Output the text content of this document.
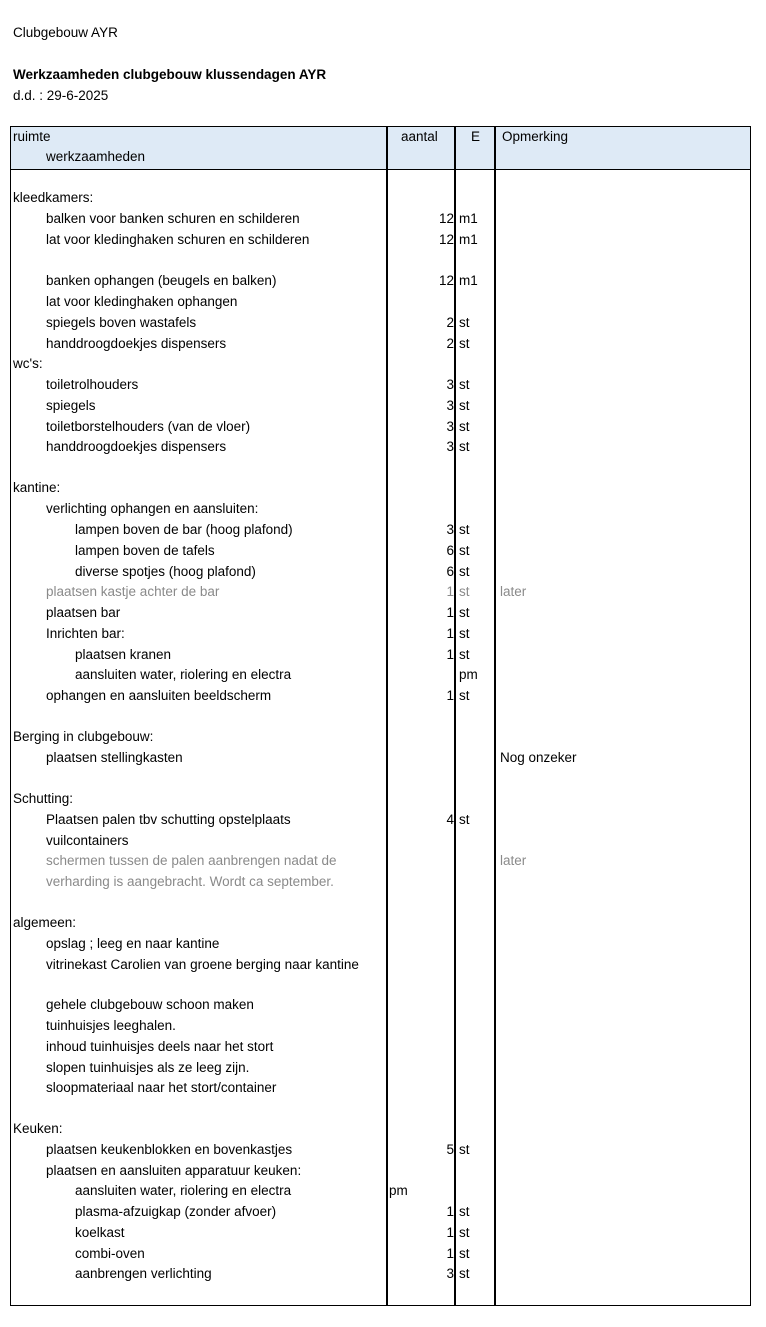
Clubgebouw AYR
Werkzaamheden clubgebouw klussendagen AYR
d.d. : 29-6-2025
ruimte
werkzaamheden
aantal E Opmerking
kleedkamers:
balken voor banken schuren en schilderen	12 m1
lat voor kledinghaken schuren en schilderen	12 m1
banken ophangen (beugels en balken)	12 m1
lat voor kledinghaken ophangen
spiegels boven wastafels	2 st
handdroogdoekjes dispensers	2 st
wc's:
toiletrolhouders	3 st
spiegels	3 st
toiletborstelhouders (van de vloer)	3 st
handdroogdoekjes dispensers	3 st
kantine:
verlichting ophangen en aansluiten:
lampen boven de bar (hoog plafond)	3 st
lampen boven de tafels	6 st
diverse spotjes (hoog plafond)	6 st
plaatsen kastje achter de bar	1 st later
plaatsen bar	1 st
Inrichten bar:	1 st
plaatsen kranen	1 st
aansluiten water, riolering en electra	pm
ophangen en aansluiten beeldscherm	1 st
Berging in clubgebouw:
plaatsen stellingkasten	Nog onzeker
Schutting:
Plaatsen palen tbv schutting opstelplaats	4 st
vuilcontainers
schermen tussen de palen aanbrengen nadat de	later
verharding is aangebracht. Wordt ca september.
algemeen:
opslag ; leeg en naar kantine
vitrinekast Carolien van groene berging naar kantine
gehele clubgebouw schoon maken
tuinhuisjes leeghalen.
inhoud tuinhuisjes deels naar het stort
slopen tuinhuisjes als ze leeg zijn.
sloopmateriaal naar het stort/container
Keuken:
plaatsen keukenblokken en bovenkastjes	5 st
plaatsen en aansluiten apparatuur keuken:
aansluiten water, riolering en electra	pm
plasma-afzuigkap (zonder afvoer)	1 st
koelkast	1 st
combi-oven	1 st
aanbrengen verlichting	3 st
